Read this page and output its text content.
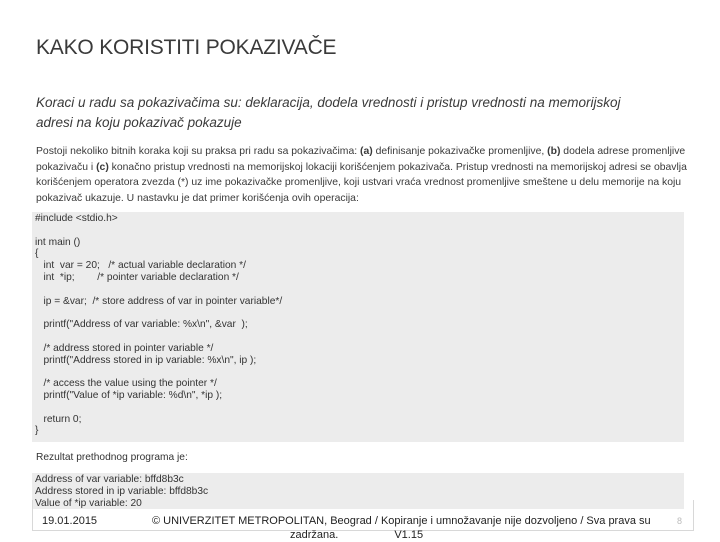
KAKO KORISTITI POKAZIVAČE
Koraci u radu sa pokazivačima su: deklaracija, dodela vrednosti i pristup vrednosti na memorijskoj adresi na koju pokazivač pokazuje
Postoji nekoliko bitnih koraka koji su praksa pri radu sa pokazivačima: (a) definisanje pokazivačke promenljive, (b) dodela adrese promenljive pokazivaču i (c) konačno pristup vrednosti na memorijskoj lokaciji korišćenjem pokazivača. Pristup vrednosti na memorijskoj adresi se obavlja korišćenjem operatora zvezda (*) uz ime pokazivačke promenljive, koji ustvari vraća vrednost promenljive smeštene u delu memorije na koju pokazivač ukazuje. U nastavku je dat primer korišćenja ovih operacija:
#include <stdio.h>

int main ()
{
int  var = 20;   /* actual variable declaration */
int  *ip;        /* pointer variable declaration */

ip = &var;  /* store address of var in pointer variable*/

printf("Address of var variable: %x\n", &var  );

/* address stored in pointer variable */
printf("Address stored in ip variable: %x\n", ip );

/* access the value using the pointer */
printf("Value of *ip variable: %d\n", *ip );

return 0;
}
Rezultat prethodnog programa je:
Address of var variable: bffd8b3c
Address stored in ip variable: bffd8b3c
Value of *ip variable: 20
19.01.2015	© UNIVERZITET METROPOLITAN, Beograd / Kopiranje i umnožavanje nije dozvoljeno / Sva prava su
zadržana.	V1.15
8
